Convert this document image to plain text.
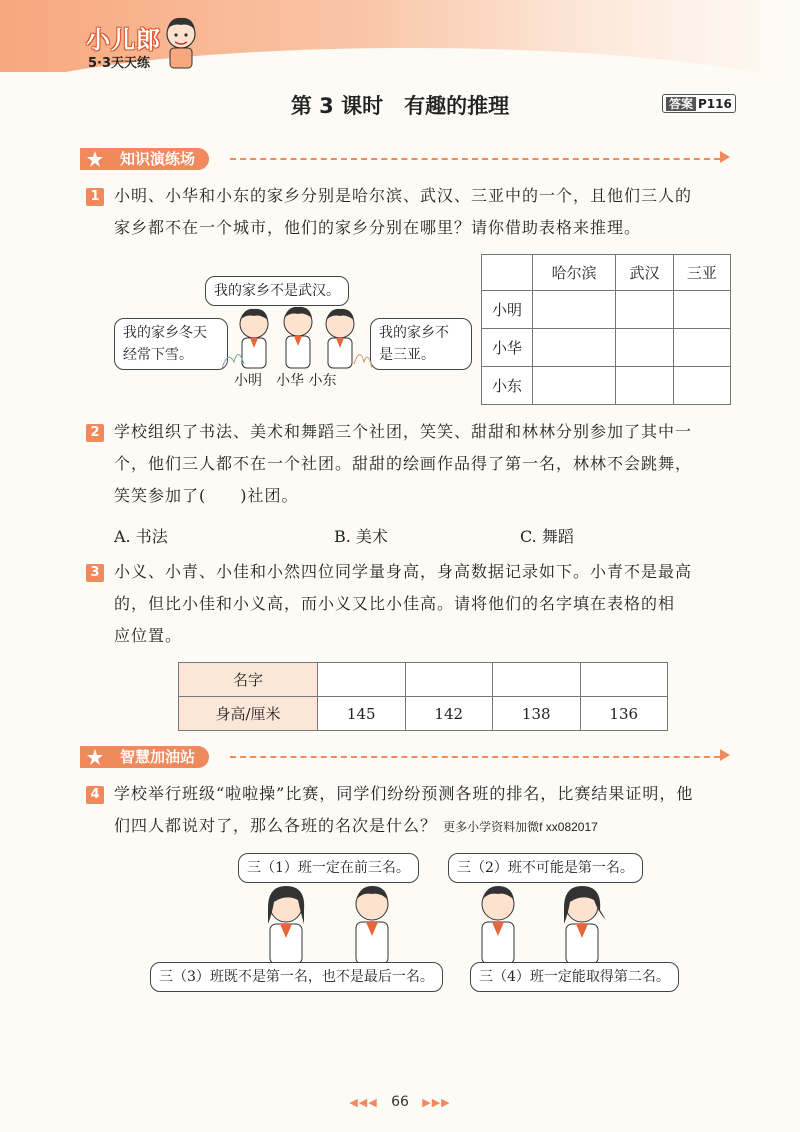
小儿郎
5·3天天练
第 3 课时　有趣的推理	答案 P116
知识演练场
1 小明、小华和小东的家乡分别是哈尔滨、武汉、三亚中的一个，且他们三人的
家乡都不在一个城市，他们的家乡分别在哪里？请你借助表格来推理。
我的家乡不是武汉。
我的家乡冬天
经常下雪。
我的家乡不
是三亚。
小明　小华 小东
	哈尔滨	武汉	三亚
小明			
小华			
小东			
2 学校组织了书法、美术和舞蹈三个社团，笑笑、甜甜和林林分别参加了其中一
个，他们三人都不在一个社团。甜甜的绘画作品得了第一名，林林不会跳舞，
笑笑参加了(　　)社团。
A. 书法	B. 美术	C. 舞蹈
3 小义、小青、小佳和小然四位同学量身高，身高数据记录如下。小青不是最高
的，但比小佳和小义高，而小义又比小佳高。请将他们的名字填在表格的相
应位置。
名字				
身高/厘米	145	142	138	136
智慧加油站
4 学校举行班级“啦啦操”比赛，同学们纷纷预测各班的排名，比赛结果证明，他
们四人都说对了，那么各班的名次是什么？ 更多小学资料加微f xx082017
三（1）班一定在前三名。	三（2）班不可能是第一名。
三（3）班既不是第一名，也不是最后一名。	三（4）班一定能取得第二名。
◀◀◀ 66 ▶▶▶
